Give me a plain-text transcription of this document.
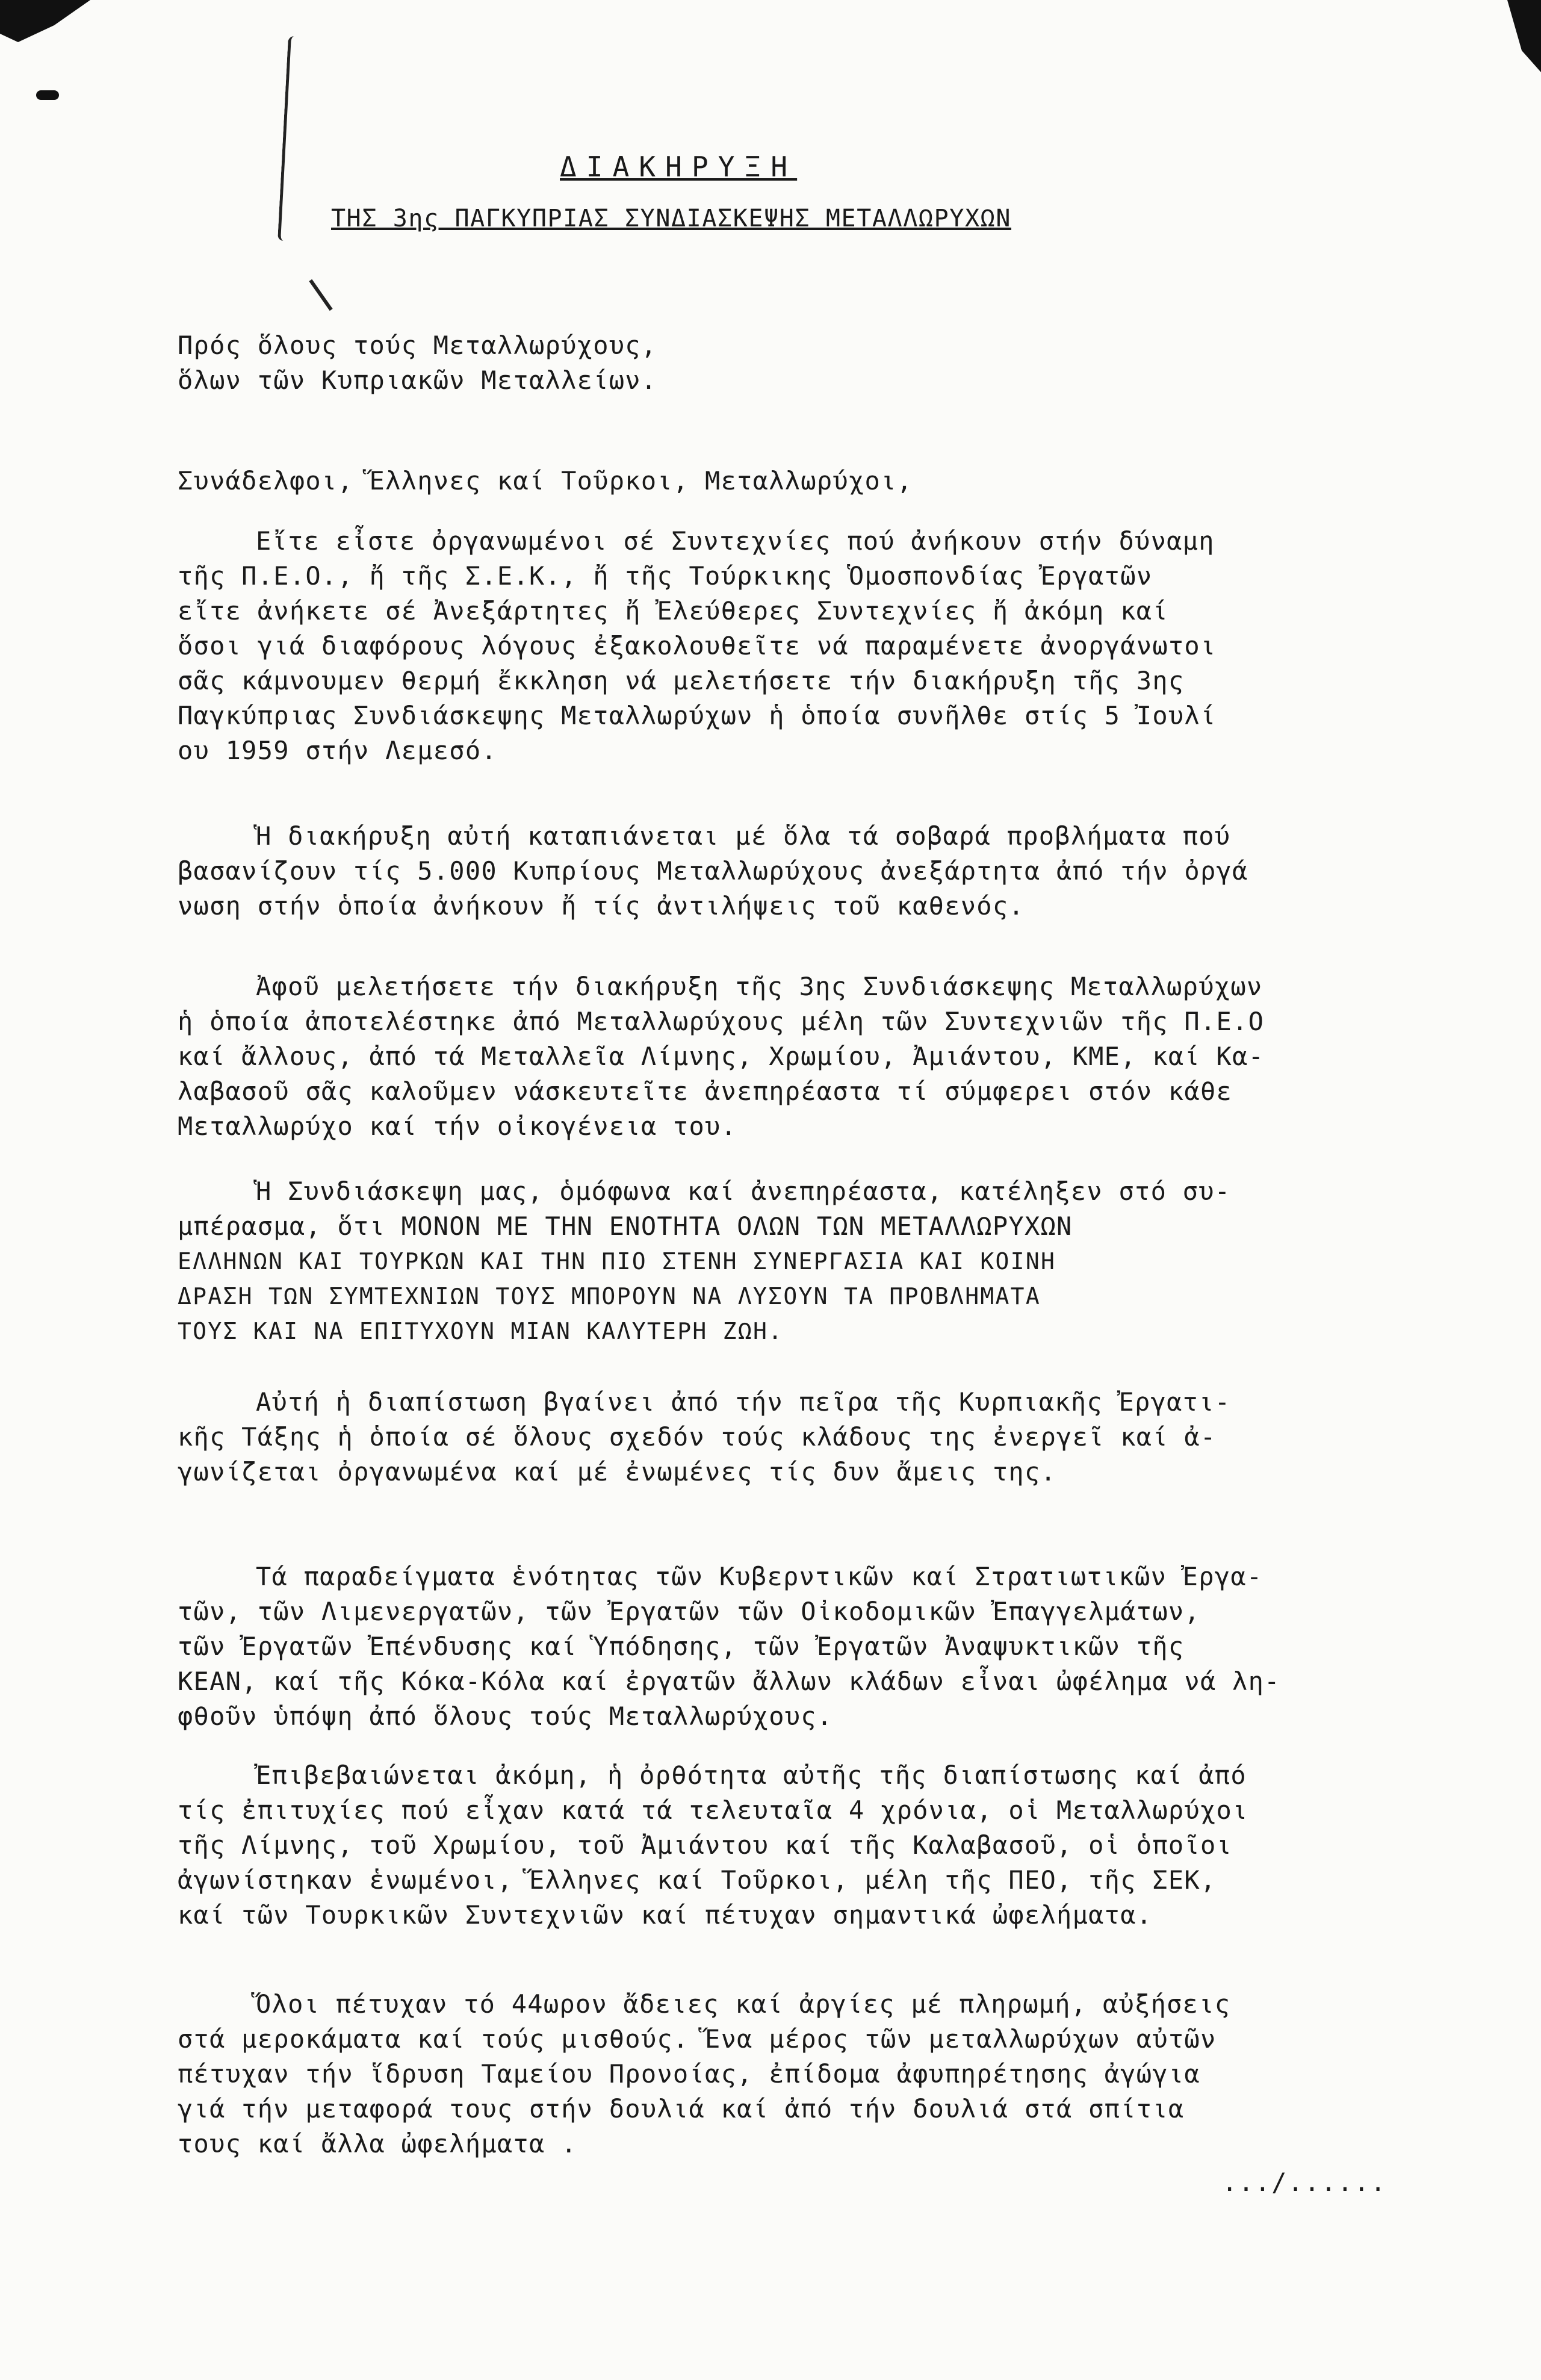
ΔΙΑΚΗΡΥΞΗ
ΤΗΣ 3ης ΠΑΓΚΥΠΡΙΑΣ ΣΥΝΔΙΑΣΚΕΨΗΣ ΜΕΤΑΛΛΩΡΥΧΩΝ
Πρός ὅλους τούς Μεταλλωρύχους,
ὅλων τῶν Κυπριακῶν Μεταλλείων.
Συνάδελφοι, Ἕλληνες καί Τοῦρκοι, Μεταλλωρύχοι,
Εἴτε εἶστε ὀργανωμένοι σέ Συντεχνίες πού ἀνήκουν στήν δύναμη
τῆς Π.Ε.Ο., ἤ τῆς Σ.Ε.Κ., ἤ τῆς Τούρκικης Ὁμοσπονδίας Ἐργατῶν
εἴτε ἀνήκετε σέ Ἀνεξάρτητες ἤ Ἐλεύθερες Συντεχνίες ἤ ἀκόμη καί
ὅσοι γιά διαφόρους λόγους ἐξακολουθεῖτε νά παραμένετε ἀνοργάνωτοι
σᾶς κάμνουμεν θερμή ἔκκληση νά μελετήσετε τήν διακήρυξη τῆς 3ης
Παγκύπριας Συνδιάσκεψης Μεταλλωρύχων ἡ ὁποία συνῆλθε στίς 5 Ἰουλί
ου 1959 στήν Λεμεσό.
Ἡ διακήρυξη αὐτή καταπιάνεται μέ ὅλα τά σοβαρά προβλήματα πού
βασανίζουν τίς 5.000 Κυπρίους Μεταλλωρύχους ἀνεξάρτητα ἀπό τήν ὀργά
νωση στήν ὁποία ἀνήκουν ἤ τίς ἀντιλήψεις τοῦ καθενός.
Ἀφοῦ μελετήσετε τήν διακήρυξη τῆς 3ης Συνδιάσκεψης Μεταλλωρύχων
ἡ ὁποία ἀποτελέστηκε ἀπό Μεταλλωρύχους μέλη τῶν Συντεχνιῶν τῆς Π.Ε.Ο
καί ἄλλους, ἀπό τά Μεταλλεῖα Λίμνης, Χρωμίου, Ἀμιάντου, ΚΜΕ, καί Κα-
λαβασοῦ σᾶς καλοῦμεν νάσκευτεῖτε ἀνεπηρέαστα τί σύμφερει στόν κάθε
Μεταλλωρύχο καί τήν οἰκογένεια του.
Ἡ Συνδιάσκεψη μας, ὁμόφωνα καί ἀνεπηρέαστα, κατέληξεν στό συ-
μπέρασμα, ὅτι ΜΟΝΟΝ ΜΕ ΤΗΝ ΕΝΟΤΗΤΑ ΟΛΩΝ ΤΩΝ ΜΕΤΑΛΛΩΡΥΧΩΝ
ΕΛΛΗΝΩΝ ΚΑΙ ΤΟΥΡΚΩΝ ΚΑΙ ΤΗΝ ΠΙΟ ΣΤΕΝΗ ΣΥΝΕΡΓΑΣΙΑ ΚΑΙ ΚΟΙΝΗ
ΔΡΑΣΗ ΤΩΝ ΣΥΜΤΕΧΝΙΩΝ ΤΟΥΣ ΜΠΟΡΟΥΝ ΝΑ ΛΥΣΟΥΝ ΤΑ ΠΡΟΒΛΗΜΑΤΑ
ΤΟΥΣ ΚΑΙ ΝΑ ΕΠΙΤΥΧΟΥΝ ΜΙΑΝ ΚΑΛΥΤΕΡΗ ΖΩΗ.
Αὐτή ἡ διαπίστωση βγαίνει ἀπό τήν πεῖρα τῆς Κυρπιακῆς Ἐργατι-
κῆς Τάξης ἡ ὁποία σέ ὅλους σχεδόν τούς κλάδους της ἐνεργεῖ καί ἀ-
γωνίζεται ὀργανωμένα καί μέ ἐνωμένες τίς δυν ἄμεις της.
Τά παραδείγματα ἑνότητας τῶν Κυβερντικῶν καί Στρατιωτικῶν Ἐργα-
τῶν, τῶν Λιμενεργατῶν, τῶν Ἐργατῶν τῶν Οἰκοδομικῶν Ἐπαγγελμάτων,
τῶν Ἐργατῶν Ἐπένδυσης καί Ὑπόδησης, τῶν Ἐργατῶν Ἀναψυκτικῶν τῆς
ΚΕΑΝ, καί τῆς Κόκα-Κόλα καί ἐργατῶν ἄλλων κλάδων εἶναι ὠφέλημα νά λη-
φθοῦν ὑπόψη ἀπό ὅλους τούς Μεταλλωρύχους.
Ἐπιβεβαιώνεται ἀκόμη, ἡ ὀρθότητα αὐτῆς τῆς διαπίστωσης καί ἀπό
τίς ἐπιτυχίες πού εἶχαν κατά τά τελευταῖα 4 χρόνια, οἱ Μεταλλωρύχοι
τῆς Λίμνης, τοῦ Χρωμίου, τοῦ Ἀμιάντου καί τῆς Καλαβασοῦ, οἱ ὁποῖοι
ἀγωνίστηκαν ἑνωμένοι, Ἕλληνες καί Τοῦρκοι, μέλη τῆς ΠΕΟ, τῆς ΣΕΚ,
καί τῶν Τουρκικῶν Συντεχνιῶν καί πέτυχαν σημαντικά ὠφελήματα.
Ὅλοι πέτυχαν τό 44ωρον ἄδειες καί ἀργίες μέ πληρωμή, αὐξήσεις
στά μεροκάματα καί τούς μισθούς. Ἕνα μέρος τῶν μεταλλωρύχων αὐτῶν
πέτυχαν τήν ἵδρυση Ταμείου Προνοίας, ἐπίδομα ἀφυπηρέτησης ἀγώγια
γιά τήν μεταφορά τους στήν δουλιά καί ἀπό τήν δουλιά στά σπίτια
τους καί ἄλλα ὠφελήματα .
.../......
